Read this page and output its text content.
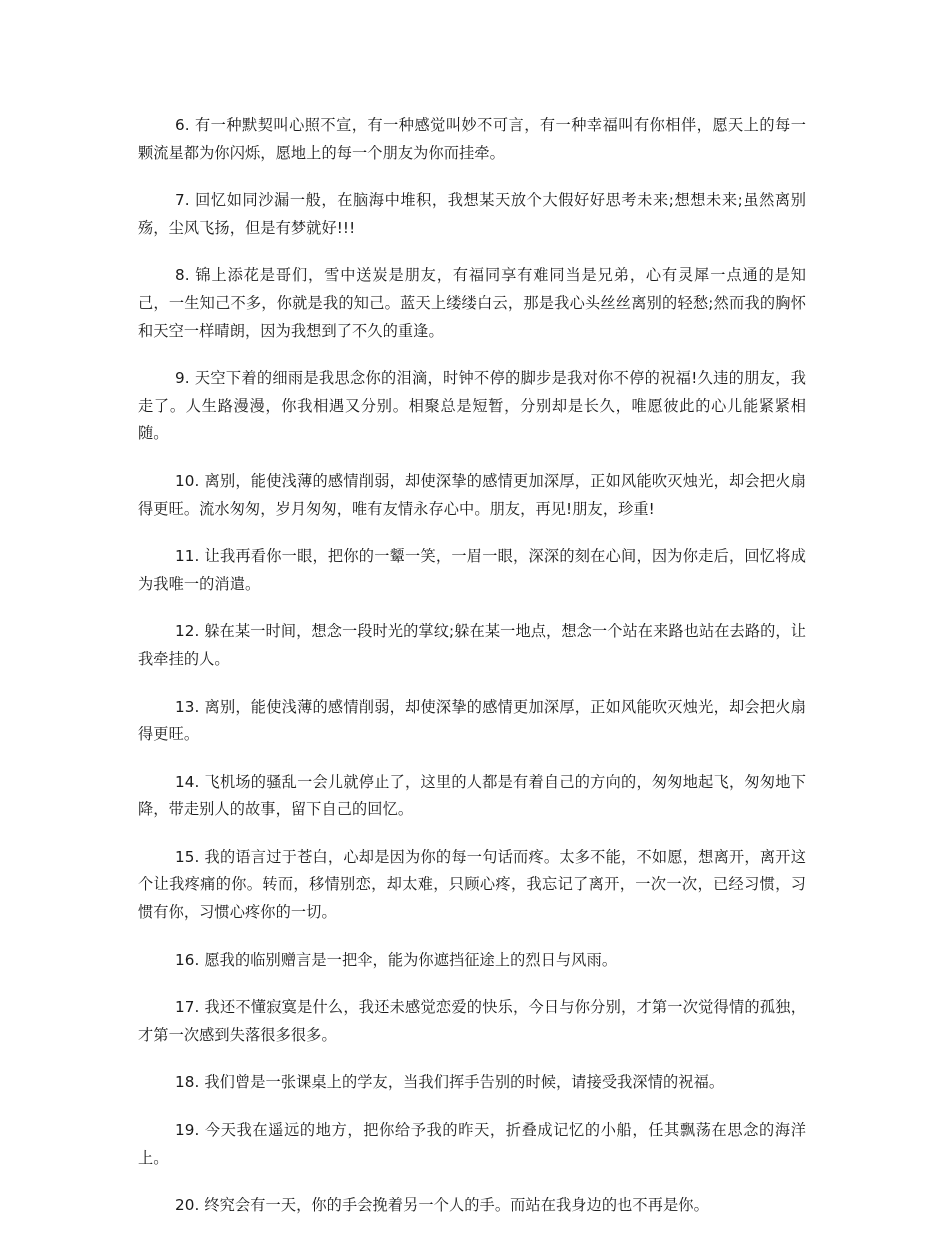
6. 有一种默契叫心照不宣，有一种感觉叫妙不可言，有一种幸福叫有你相伴，愿天上的每一颗流星都为你闪烁，愿地上的每一个朋友为你而挂牵。

7. 回忆如同沙漏一般，在脑海中堆积，我想某天放个大假好好思考未来;想想未来;虽然离别殇，尘风飞扬，但是有梦就好!!!

8. 锦上添花是哥们，雪中送炭是朋友，有福同享有难同当是兄弟，心有灵犀一点通的是知己，一生知己不多，你就是我的知己。蓝天上缕缕白云，那是我心头丝丝离别的轻愁;然而我的胸怀和天空一样晴朗，因为我想到了不久的重逢。

9. 天空下着的细雨是我思念你的泪滴，时钟不停的脚步是我对你不停的祝福!久违的朋友，我走了。人生路漫漫，你我相遇又分别。相聚总是短暂，分别却是长久，唯愿彼此的心儿能紧紧相随。

10. 离别，能使浅薄的感情削弱，却使深挚的感情更加深厚，正如风能吹灭烛光，却会把火扇得更旺。流水匆匆，岁月匆匆，唯有友情永存心中。朋友，再见!朋友，珍重!

11. 让我再看你一眼，把你的一颦一笑，一眉一眼，深深的刻在心间，因为你走后，回忆将成为我唯一的消遣。

12. 躲在某一时间，想念一段时光的掌纹;躲在某一地点，想念一个站在来路也站在去路的，让我牵挂的人。

13. 离别，能使浅薄的感情削弱，却使深挚的感情更加深厚，正如风能吹灭烛光，却会把火扇得更旺。

14. 飞机场的骚乱一会儿就停止了，这里的人都是有着自己的方向的，匆匆地起飞，匆匆地下降，带走别人的故事，留下自己的回忆。

15. 我的语言过于苍白，心却是因为你的每一句话而疼。太多不能，不如愿，想离开，离开这个让我疼痛的你。转而，移情别恋，却太难，只顾心疼，我忘记了离开，一次一次，已经习惯，习惯有你，习惯心疼你的一切。

16. 愿我的临别赠言是一把伞，能为你遮挡征途上的烈日与风雨。

17. 我还不懂寂寞是什么，我还未感觉恋爱的快乐，今日与你分别，才第一次觉得情的孤独，才第一次感到失落很多很多。

18. 我们曾是一张课桌上的学友，当我们挥手告别的时候，请接受我深情的祝福。

19. 今天我在遥远的地方，把你给予我的昨天，折叠成记忆的小船，任其飘荡在思念的海洋上。

20. 终究会有一天，你的手会挽着另一个人的手。而站在我身边的也不再是你。
